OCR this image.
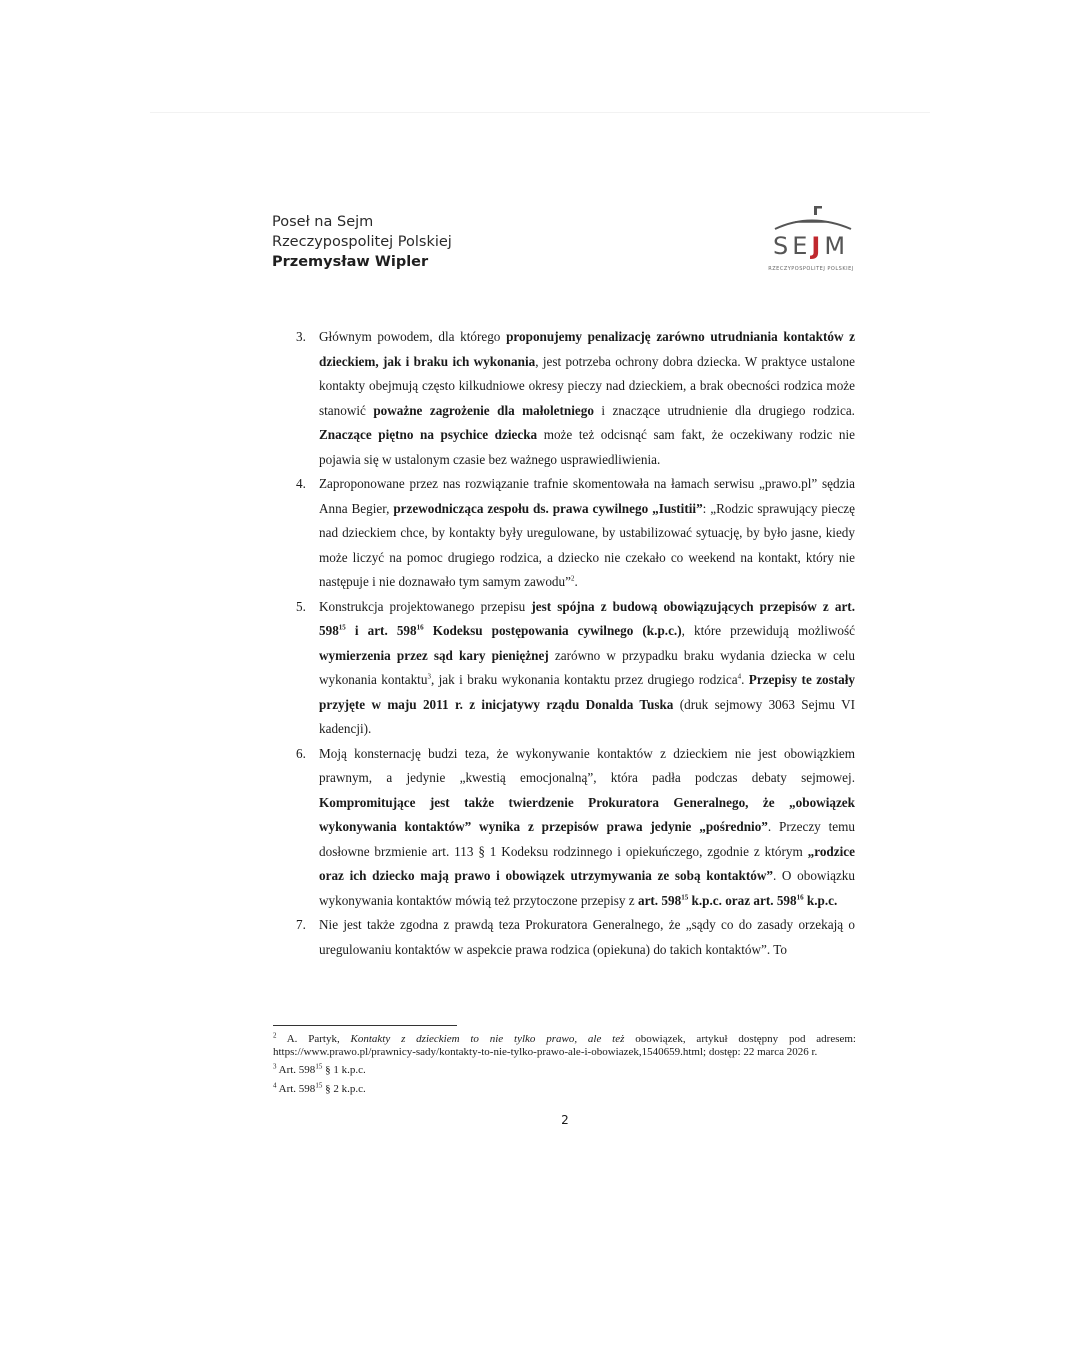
Poseł na Sejm
Rzeczypospolitej Polskiej
Przemysław Wipler
SEJM
RZECZYPOSPOLITEJ POLSKIEJ
3. Głównym powodem, dla którego proponujemy penalizację zarówno utrudniania kontaktów z dzieckiem, jak i braku ich wykonania, jest potrzeba ochrony dobra dziecka. W praktyce ustalone kontakty obejmują często kilkudniowe okresy pieczy nad dzieckiem, a brak obecności rodzica może stanowić poważne zagrożenie dla małoletniego i znaczące utrudnienie dla drugiego rodzica. Znaczące piętno na psychice dziecka może też odcisnąć sam fakt, że oczekiwany rodzic nie pojawia się w ustalonym czasie bez ważnego usprawiedliwienia.
4. Zaproponowane przez nas rozwiązanie trafnie skomentowała na łamach serwisu „prawo.pl” sędzia Anna Begier, przewodnicząca zespołu ds. prawa cywilnego „Iustitii”: „Rodzic sprawujący pieczę nad dzieckiem chce, by kontakty były uregulowane, by ustabilizować sytuację, by było jasne, kiedy może liczyć na pomoc drugiego rodzica, a dziecko nie czekało co weekend na kontakt, który nie następuje i nie doznawało tym samym zawodu”$^2$.
5. Konstrukcja projektowanego przepisu jest spójna z budową obowiązujących przepisów z art. $598^{15}$ i art. $598^{16}$ Kodeksu postępowania cywilnego (k.p.c.), które przewidują możliwość wymierzenia przez sąd kary pieniężnej zarówno w przypadku braku wydania dziecka w celu wykonania kontaktu$^3$, jak i braku wykonania kontaktu przez drugiego rodzica$^4$. Przepisy te zostały przyjęte w maju 2011 r. z inicjatywy rządu Donalda Tuska (druk sejmowy 3063 Sejmu VI kadencji).
6. Moją konsternację budzi teza, że wykonywanie kontaktów z dzieckiem nie jest obowiązkiem prawnym, a jedynie „kwestią emocjonalną”, która padła podczas debaty sejmowej. Kompromitujące jest także twierdzenie Prokuratora Generalnego, że „obowiązek wykonywania kontaktów” wynika z przepisów prawa jedynie „pośrednio”. Przeczy temu dosłowne brzmienie art. 113 § 1 Kodeksu rodzinnego i opiekuńczego, zgodnie z którym „rodzice oraz ich dziecko mają prawo i obowiązek utrzymywania ze sobą kontaktów”. O obowiązku wykonywania kontaktów mówią też przytoczone przepisy z art. $598^{15}$ k.p.c. oraz art. $598^{16}$ k.p.c.
7. Nie jest także zgodna z prawdą teza Prokuratora Generalnego, że „sądy co do zasady orzekają o uregulowaniu kontaktów w aspekcie prawa rodzica (opiekuna) do takich kontaktów”. To

$^2$ A. Partyk, Kontakty z dzieckiem to nie tylko prawo, ale też obowiązek, artykuł dostępny pod adresem: https://www.prawo.pl/prawnicy-sady/kontakty-to-nie-tylko-prawo-ale-i-obowiazek,1540659.html; dostęp: 22 marca 2026 r.

$^3$ Art. $598^{15}$ § 1 k.p.c.

$^4$ Art. $598^{15}$ § 2 k.p.c.

2
